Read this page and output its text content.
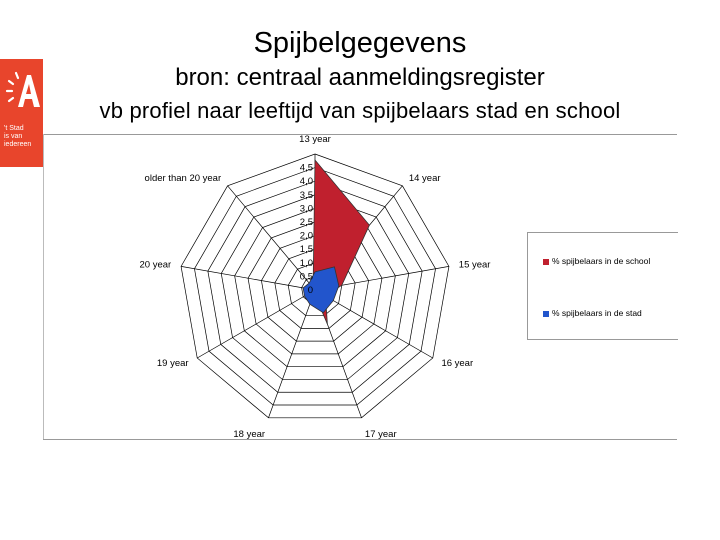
't Stad
is van
iedereen
Spijbelgegevens
bron: centraal aanmeldingsregister
vb profiel naar leeftijd van spijbelaars stad en school
0
0,5
1,0
1,5
2,0
2,5
3,0
3,5
4,0
4,5
13 year
14 year
15 year
16 year
17 year
18 year
19 year
20 year
older than 20 year
% spijbelaars in de school
% spijbelaars in de stad
